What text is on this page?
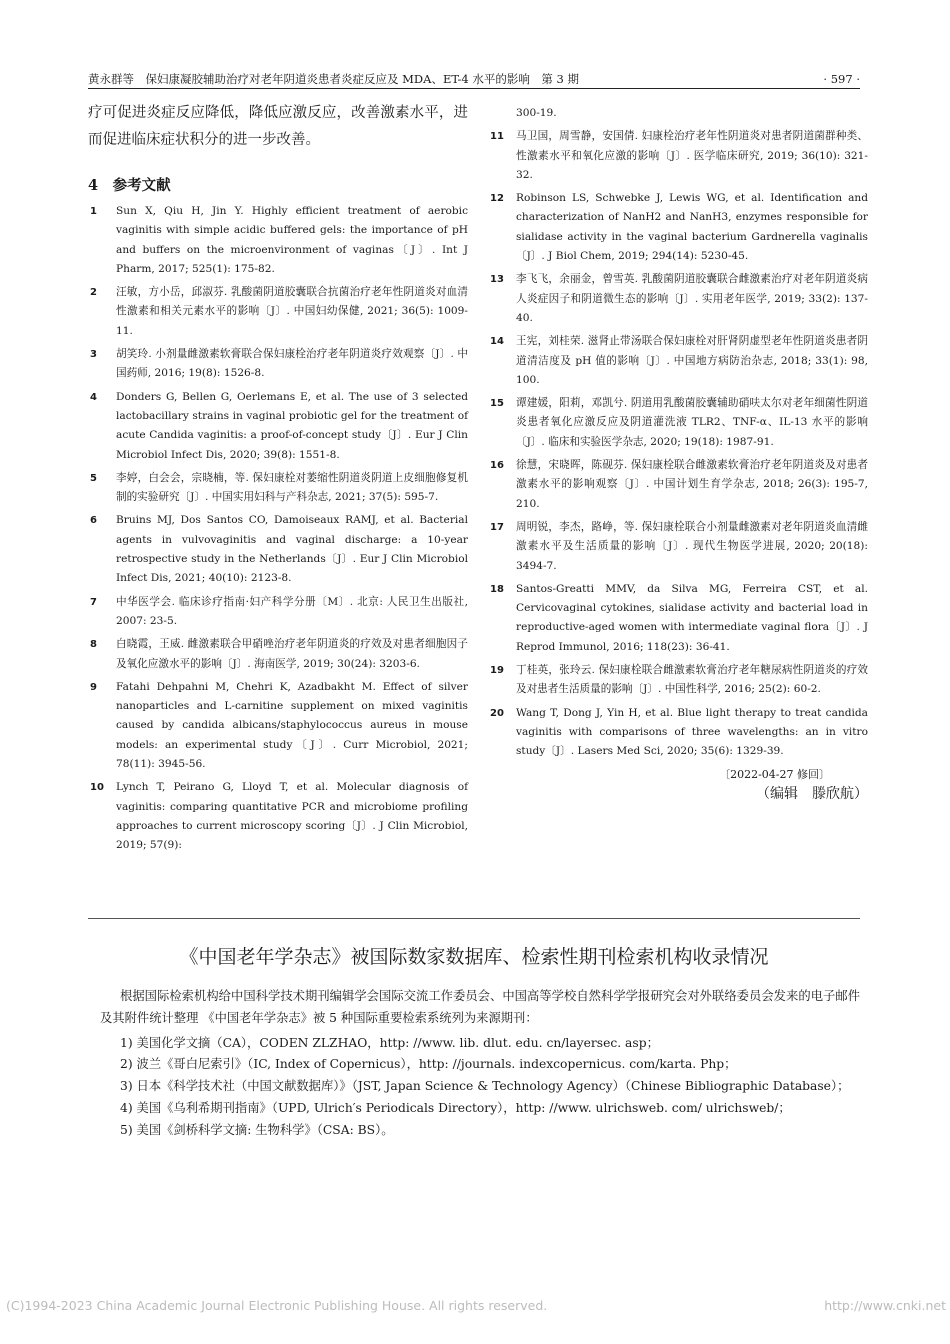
黄永群等　保妇康凝胶辅助治疗对老年阴道炎患者炎症反应及 MDA、ET-4 水平的影响　第 3 期	· 597 ·

疗可促进炎症反应降低，降低应激反应，改善激素水平，进而促进临床症状积分的进一步改善。

4　参考文献
1 Sun X, Qiu H, Jin Y. Highly efficient treatment of aerobic vaginitis with simple acidic buffered gels: the importance of pH and buffers on the microenvironment of vaginas〔J〕. Int J Pharm, 2017; 525(1): 175-82.
2 汪敏，方小岳，邱淑芬. 乳酸菌阴道胶囊联合抗菌治疗老年性阴道炎对血清性激素和相关元素水平的影响〔J〕. 中国妇幼保健, 2021; 36(5): 1009-11.
3 胡笑玲. 小剂量雌激素软膏联合保妇康栓治疗老年阴道炎疗效观察〔J〕. 中国药师, 2016; 19(8): 1526-8.
4 Donders G, Bellen G, Oerlemans E, et al. The use of 3 selected lactobacillary strains in vaginal probiotic gel for the treatment of acute Candida vaginitis: a proof-of-concept study〔J〕. Eur J Clin Microbiol Infect Dis, 2020; 39(8): 1551-8.
5 李婷，白会会，宗晓楠，等. 保妇康栓对萎缩性阴道炎阴道上皮细胞修复机制的实验研究〔J〕. 中国实用妇科与产科杂志, 2021; 37(5): 595-7.
6 Bruins MJ, Dos Santos CO, Damoiseaux RAMJ, et al. Bacterial agents in vulvovaginitis and vaginal discharge: a 10-year retrospective study in the Netherlands〔J〕. Eur J Clin Microbiol Infect Dis, 2021; 40(10): 2123-8.
7 中华医学会. 临床诊疗指南·妇产科学分册〔M〕. 北京: 人民卫生出版社, 2007: 23-5.
8 白晓霞，王威. 雌激素联合甲硝唑治疗老年阴道炎的疗效及对患者细胞因子及氧化应激水平的影响〔J〕. 海南医学, 2019; 30(24): 3203-6.
9 Fatahi Dehpahni M, Chehri K, Azadbakht M. Effect of silver nanoparticles and L-carnitine supplement on mixed vaginitis caused by candida albicans/staphylococcus aureus in mouse models: an experimental study〔J〕. Curr Microbiol, 2021; 78(11): 3945-56.
10 Lynch T, Peirano G, Lloyd T, et al. Molecular diagnosis of vaginitis: comparing quantitative PCR and microbiome profiling approaches to current microscopy scoring〔J〕. J Clin Microbiol, 2019; 57(9):
300-19.
11 马卫国，周雪静，安国倩. 妇康栓治疗老年性阴道炎对患者阴道菌群种类、性激素水平和氧化应激的影响〔J〕. 医学临床研究, 2019; 36(10): 321-32.
12 Robinson LS, Schwebke J, Lewis WG, et al. Identification and characterization of NanH2 and NanH3, enzymes responsible for sialidase activity in the vaginal bacterium Gardnerella vaginalis〔J〕. J Biol Chem, 2019; 294(14): 5230-45.
13 李飞飞，余丽金，曾雪英. 乳酸菌阴道胶囊联合雌激素治疗对老年阴道炎病人炎症因子和阴道微生态的影响〔J〕. 实用老年医学, 2019; 33(2): 137-40.
14 王宪，刘桂荣. 滋肾止带汤联合保妇康栓对肝肾阴虚型老年性阴道炎患者阴道清洁度及 pH 值的影响〔J〕. 中国地方病防治杂志, 2018; 33(1): 98, 100.
15 谭建媛，阳莉，邓凯兮. 阴道用乳酸菌胶囊辅助硝呋太尔对老年细菌性阴道炎患者氧化应激反应及阴道灌洗液 TLR2、TNF-α、IL-13 水平的影响〔J〕. 临床和实验医学杂志, 2020; 19(18): 1987-91.
16 徐慧，宋晓晖，陈砚芬. 保妇康栓联合雌激素软膏治疗老年阴道炎及对患者激素水平的影响观察〔J〕. 中国计划生育学杂志, 2018; 26(3): 195-7, 210.
17 周明锐，李杰，路峥，等. 保妇康栓联合小剂量雌激素对老年阴道炎血清雌激素水平及生活质量的影响〔J〕. 现代生物医学进展, 2020; 20(18): 3494-7.
18 Santos-Greatti MMV, da Silva MG, Ferreira CST, et al. Cervicovaginal cytokines, sialidase activity and bacterial load in reproductive-aged women with intermediate vaginal flora〔J〕. J Reprod Immunol, 2016; 118(23): 36-41.
19 丁桂英，张玲云. 保妇康栓联合雌激素软膏治疗老年糖尿病性阴道炎的疗效及对患者生活质量的影响〔J〕. 中国性科学, 2016; 25(2): 60-2.
20 Wang T, Dong J, Yin H, et al. Blue light therapy to treat candida vaginitis with comparisons of three wavelengths: an in vitro study〔J〕. Lasers Med Sci, 2020; 35(6): 1329-39.
〔2022-04-27 修回〕
（编辑　滕欣航）
《中国老年学杂志》被国际数家数据库、检索性期刊检索机构收录情况

根据国际检索机构给中国科学技术期刊编辑学会国际交流工作委员会、中国高等学校自然科学学报研究会对外联络委员会发来的电子邮件及其附件统计整理 《中国老年学杂志》被 5 种国际重要检索系统列为来源期刊：

1) 美国化学文摘（CA），CODEN ZLZHAO，http: //www. lib. dlut. edu. cn/layersec. asp；
2) 波兰《哥白尼索引》（IC, Index of Copernicus），http: //journals. indexcopernicus. com/karta. Php；
3) 日本《科学技术社（中国文献数据库）》（JST, Japan Science & Technology Agency）（Chinese Bibliographic Database）；
4) 美国《乌利希期刊指南》（UPD, Ulrich′s Periodicals Directory），http: //www. ulrichsweb. com/ ulrichsweb/；
5) 美国《剑桥科学文摘: 生物科学》（CSA: BS）。
(C)1994-2023 China Academic Journal Electronic Publishing House. All rights reserved.	http://www.cnki.net
